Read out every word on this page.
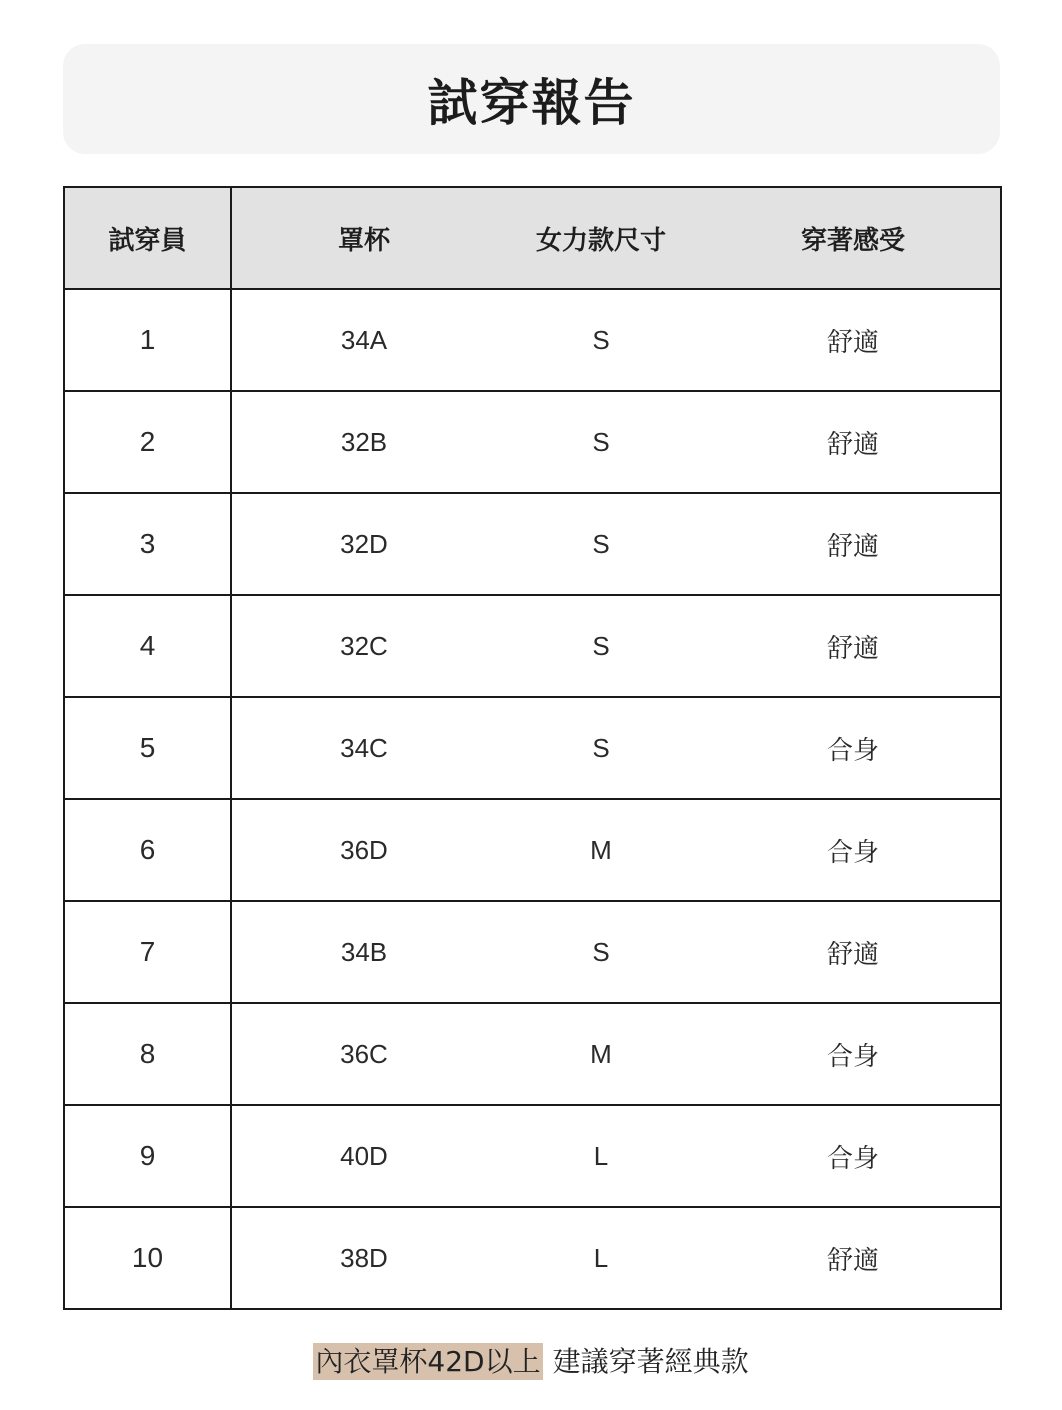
試穿報告
試穿員	罩杯	女力款尺寸	穿著感受
1	34A	S	舒適
2	32B	S	舒適
3	32D	S	舒適
4	32C	S	舒適
5	34C	S	合身
6	36D	M	合身
7	34B	S	舒適
8	36C	M	合身
9	40D	L	合身
10	38D	L	舒適
內衣罩杯42D以上 建議穿著經典款
